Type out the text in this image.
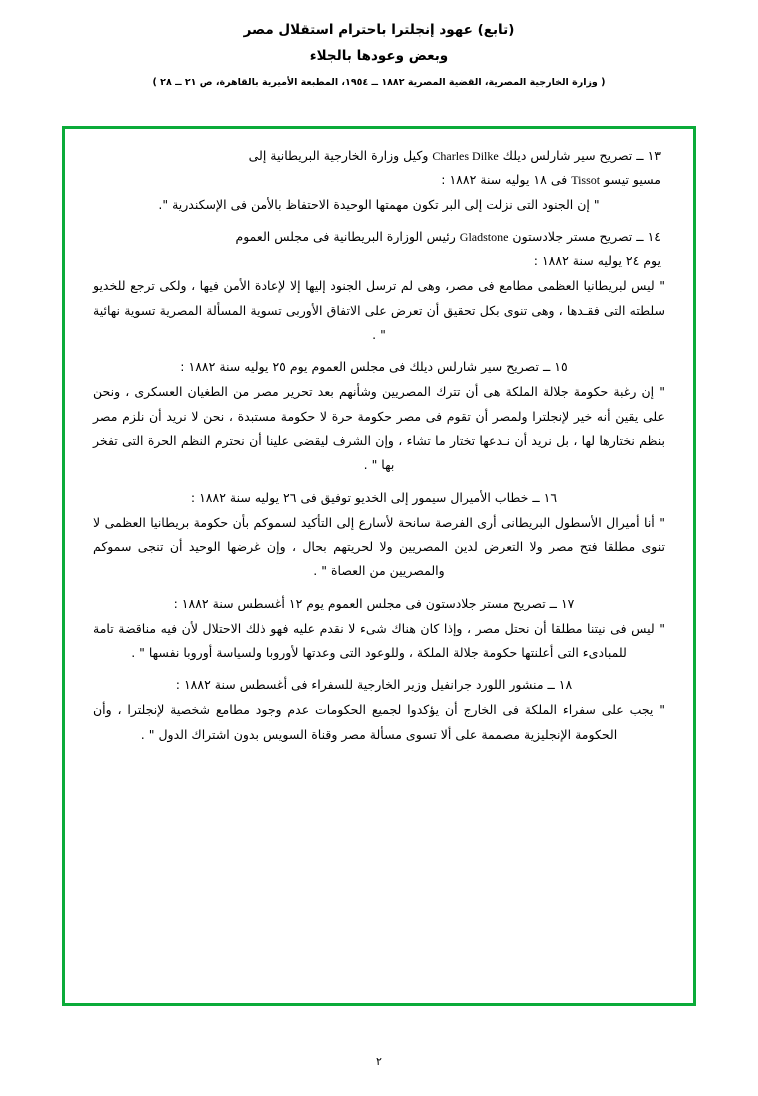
(تابع) عهود إنجلترا باحترام استقلال مصر
وبعض وعودها بالجلاء
( وزارة الخارجية المصرية، القضية المصرية ١٨٨٢ ــ ١٩٥٤، المطبعة الأميرية بالقاهرة، ص ٢١ ــ ٢٨ )

١٣ ــ تصريح سير شارلس ديلك Charles Dilke وكيل وزارة الخارجية البريطانية إلى

مسيو تيسو Tissot فى ١٨ يوليه سنة ١٨٨٢ :

" إن الجنود التى نزلت إلى البر تكون مهمتها الوحيدة الاحتفاظ بالأمن فى الإسكندرية ".

١٤ ــ تصريح مستر جلادستون Gladstone رئيس الوزارة البريطانية فى مجلس العموم

يوم ٢٤ يوليه سنة ١٨٨٢ :

" ليس لبريطانيا العظمى مطامع فى مصر، وهى لم ترسل الجنود إليها إلا لإعادة الأمن فيها ، ولكى ترجع للخديو سلطته التى فقـدها ، وهى تنوى بكل تحقيق أن تعرض على الاتفاق الأوربى تسوية المسألة المصرية تسوية نهائية " .

١٥ ــ تصريح سير شارلس ديلك فى مجلس العموم يوم ٢٥ يوليه سنة ١٨٨٢ :

" إن رغبة حكومة جلالة الملكة هى أن تترك المصريين وشأنهم بعد تحرير مصر من الطغيان العسكرى ، ونحن على يقين أنه خير لإنجلترا ولمصر أن تقوم فى مصر حكومة حرة لا حكومة مستبدة ، نحن لا نريد أن نلزم مصر بنظم نختارها لها ، بل نريد أن نـدعها تختار ما تشاء ، وإن الشرف ليقضى علينا أن نحترم النظم الحرة التى تفخر بها " .

١٦ ــ خطاب الأميرال سيمور إلى الخديو توفيق فى ٢٦ يوليه سنة ١٨٨٢ :

" أنا أميرال الأسطول البريطانى أرى الفرصة سانحة لأسارع إلى التأكيد لسموكم بأن حكومة بريطانيا العظمى لا تنوى مطلقا فتح مصر ولا التعرض لدين المصريين ولا لحريتهم بحال ، وإن غرضها الوحيد أن تنجى سموكم والمصريين من العصاة " .

١٧ ــ تصريح مستر جلادستون فى مجلس العموم يوم ١٢ أغسطس سنة ١٨٨٢ :

" ليس فى نيتنا مطلقا أن نحتل مصر ، وإذا كان هناك شىء لا نقدم عليه فهو ذلك الاحتلال لأن فيه مناقضة تامة للمبادىء التى أعلنتها حكومة جلالة الملكة ، وللوعود التى وعدتها لأوروبا ولسياسة أوروبا نفسها " .

١٨ ــ منشور اللورد جرانفيل وزير الخارجية للسفراء فى أغسطس سنة ١٨٨٢ :

" يجب على سفراء الملكة فى الخارج أن يؤكدوا لجميع الحكومات عدم وجود مطامع شخصية لإنجلترا ، وأن الحكومة الإنجليزية مصممة على ألا تسوى مسألة مصر وقناة السويس بدون اشتراك الدول " .

٢
